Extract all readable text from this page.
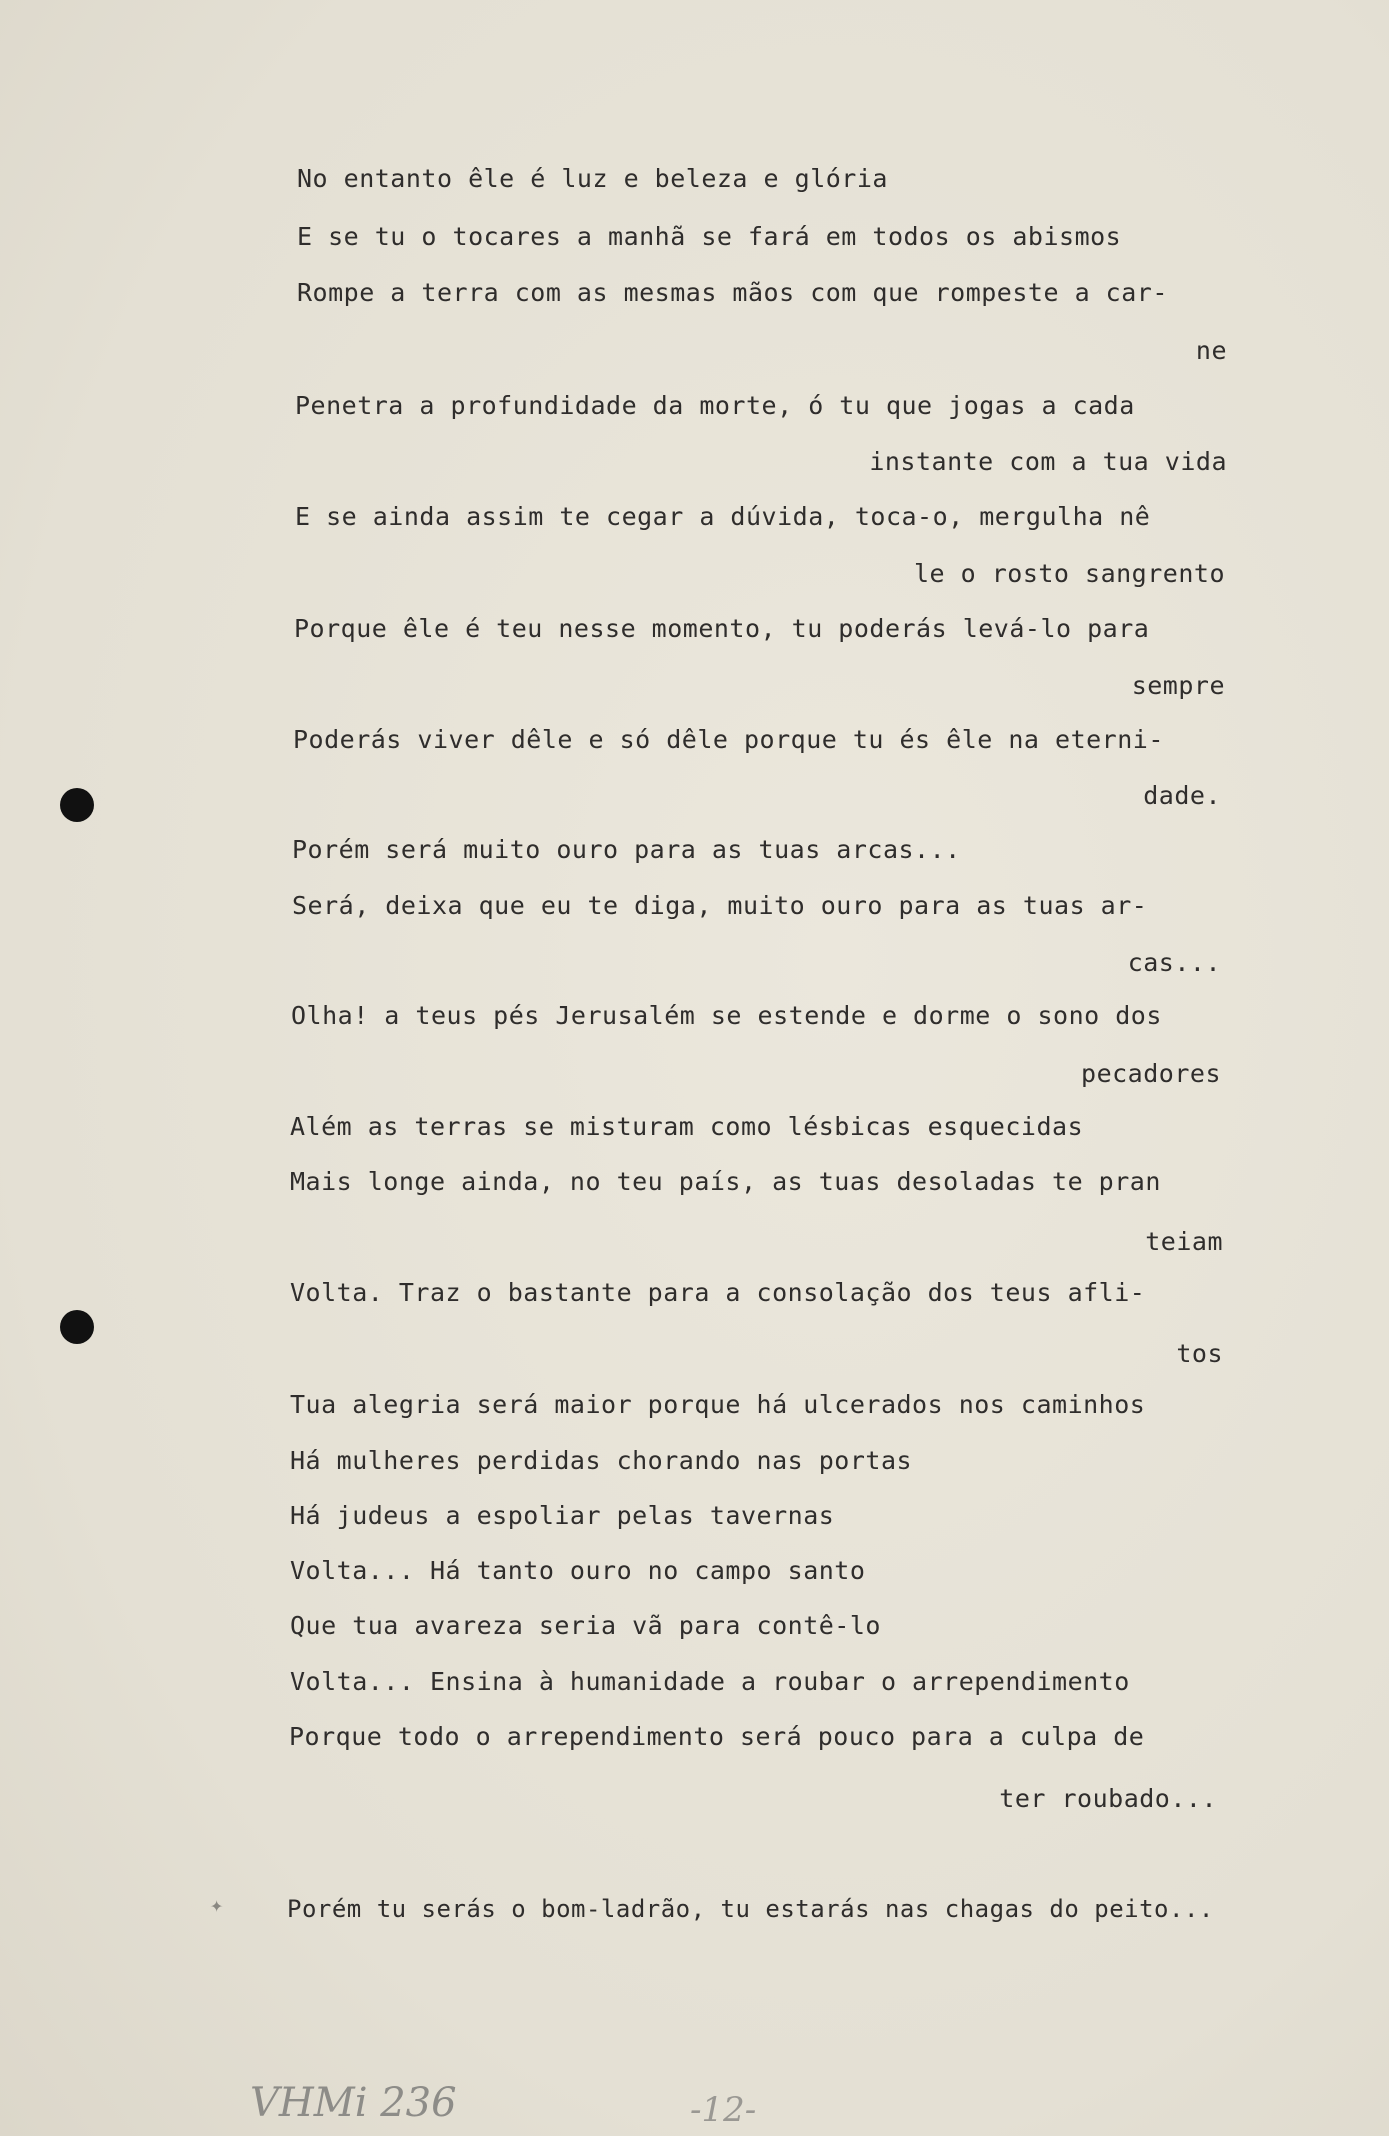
No entanto êle é luz e beleza e glória
E se tu o tocares a manhã se fará em todos os abismos
Rompe a terra com as mesmas mãos com que rompeste a car-
ne
Penetra a profundidade da morte, ó tu que jogas a cada
instante com a tua vida
E se ainda assim te cegar a dúvida, toca-o, mergulha nê
le o rosto sangrento
Porque êle é teu nesse momento, tu poderás levá-lo para
sempre
Poderás viver dêle e só dêle porque tu és êle na eterni-
dade.
Porém será muito ouro para as tuas arcas...
Será, deixa que eu te diga, muito ouro para as tuas ar-
cas...
Olha! a teus pés Jerusalém se estende e dorme o sono dos
pecadores
Além as terras se misturam como lésbicas esquecidas
Mais longe ainda, no teu país, as tuas desoladas te pran
teiam
Volta. Traz o bastante para a consolação dos teus afli-
tos
Tua alegria será maior porque há ulcerados nos caminhos
Há mulheres perdidas chorando nas portas
Há judeus a espoliar pelas tavernas
Volta... Há tanto ouro no campo santo
Que tua avareza seria vã para contê-lo
Volta... Ensina à humanidade a roubar o arrependimento
Porque todo o arrependimento será pouco para a culpa de
ter roubado...
Porém tu serás o bom-ladrão, tu estarás nas chagas do peito...
✦
VHMi 236	-12-
